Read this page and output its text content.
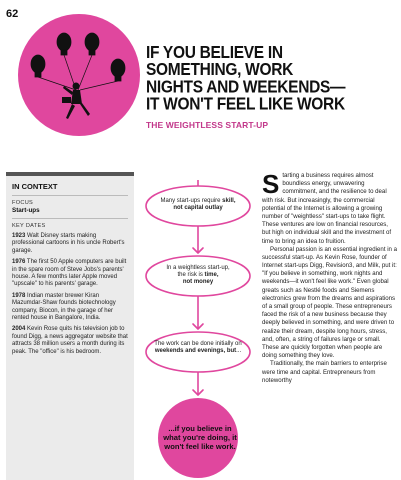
62
IF YOU BELIEVE IN
SOMETHING, WORK
NIGHTS AND WEEKENDS—
IT WON'T FEEL LIKE WORK
THE WEIGHTLESS START-UP
IN CONTEXT
FOCUS
Start-ups
KEY DATES
1923 Walt Disney starts making professional cartoons in his uncle Robert's garage.
1976 The first 50 Apple computers are built in the spare room of Steve Jobs's parents' house. A few months later Apple moved "upscale" to his parents' garage.
1978 Indian master brewer Kiran Mazumdar-Shaw founds biotechnology company, Biocon, in the garage of her rented house in Bangalore, India.
2004 Kevin Rose quits his television job to found Digg, a news aggregator website that attracts 38 million users a month during its peak. The "office" is his bedroom.
Many start-ups require skill,
not capital outlay
In a weightless start-up,
the risk is time,
not money
The work can be done initially on weekends and evenings, but...
...if you believe in what you're doing, it won't feel like work.
S tarting a business requires almost boundless energy, unwavering commitment, and the resilience to deal with risk. But increasingly, the commercial potential of the Internet is allowing a growing number of "weightless" start-ups to take flight. These ventures are low on financial resources, but high on individual skill and the investment of time to bring an idea to fruition.

Personal passion is an essential ingredient in a successful start-up. As Kevin Rose, founder of Internet start-ups Digg, Revision3, and Milk, put it: "If you believe in something, work nights and weekends—it won't feel like work." Even global greats such as Nestlé foods and Siemens electronics grew from the dreams and aspirations of a small group of people. These entrepreneurs faced the risk of a new business because they deeply believed in something, and were driven to realize their dream, despite long hours, stress, and, often, a string of failures large or small. These are quickly forgotten when people are doing something they love.

Traditionally, the main barriers to enterprise were time and capital. Entrepreneurs from noteworthy
